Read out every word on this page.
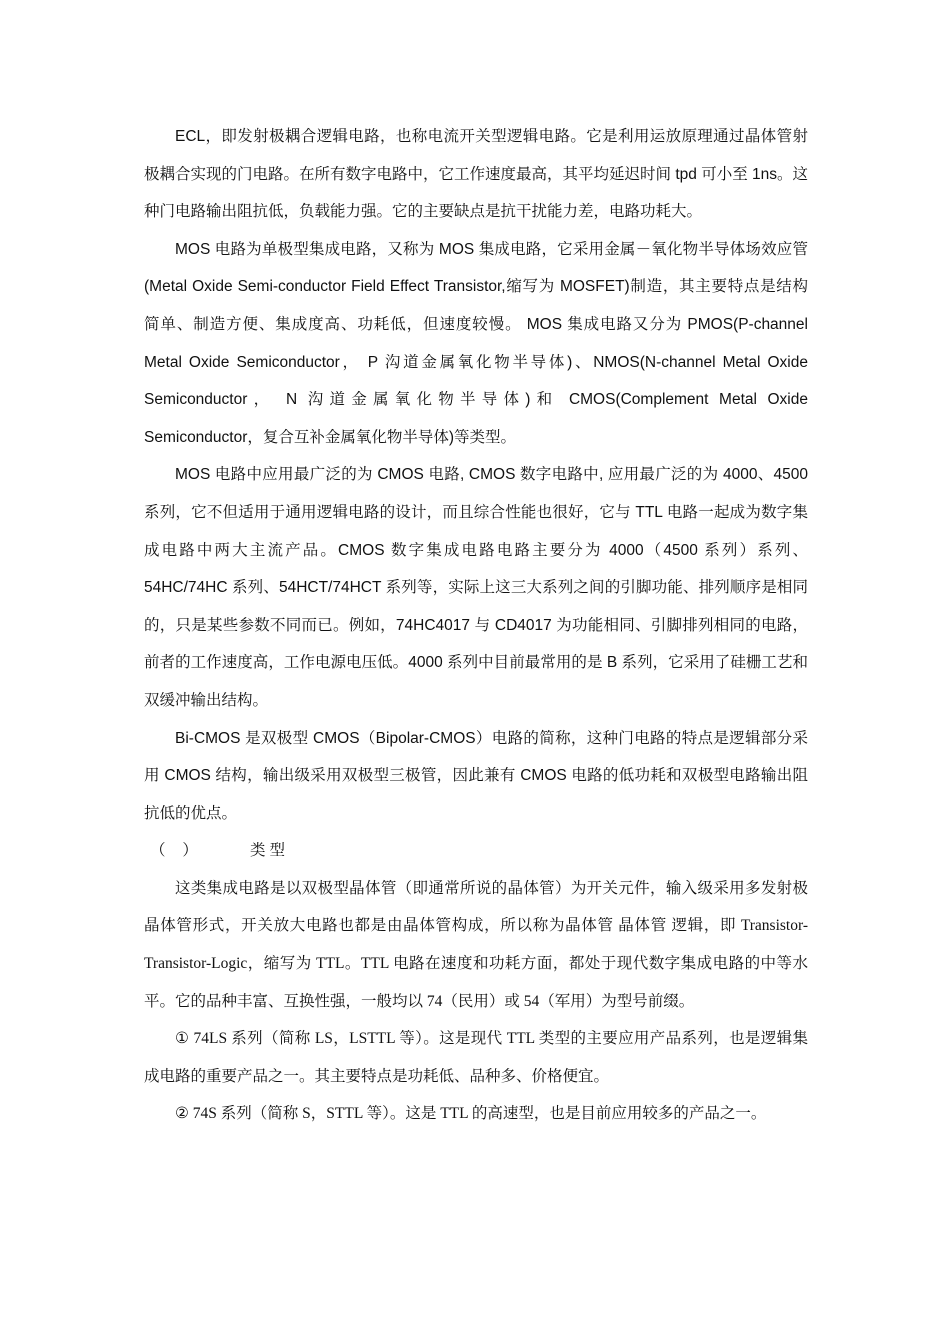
ECL，即发射极耦合逻辑电路，也称电流开关型逻辑电路。它是利用运放原理通过晶体管射极耦合实现的门电路。在所有数字电路中，它工作速度最高，其平均延迟时间 tpd 可小至 1ns。这种门电路输出阻抗低，负载能力强。它的主要缺点是抗干扰能力差，电路功耗大。

MOS 电路为单极型集成电路，又称为 MOS 集成电路，它采用金属－氧化物半导体场效应管(Metal Oxide Semi-conductor Field Effect Transistor,缩写为 MOSFET)制造，其主要特点是结构简单、制造方便、集成度高、功耗低，但速度较慢。 MOS 集成电路又分为 PMOS(P-channel Metal Oxide Semiconductor， P 沟道金属氧化物半导体)、NMOS(N-channel Metal Oxide Semiconductor， N 沟道金属氧化物半导体)和 CMOS(Complement Metal Oxide Semiconductor，复合互补金属氧化物半导体)等类型。

MOS 电路中应用最广泛的为 CMOS 电路, CMOS 数字电路中, 应用最广泛的为 4000、4500 系列，它不但适用于通用逻辑电路的设计，而且综合性能也很好，它与 TTL 电路一起成为数字集成电路中两大主流产品。CMOS 数字集成电路电路主要分为 4000（4500 系列）系列、54HC/74HC 系列、54HCT/74HCT 系列等，实际上这三大系列之间的引脚功能、排列顺序是相同的，只是某些参数不同而已。例如，74HC4017 与 CD4017 为功能相同、引脚排列相同的电路，前者的工作速度高，工作电源电压低。4000 系列中目前最常用的是 B 系列，它采用了硅栅工艺和双缓冲输出结构。

Bi-CMOS 是双极型 CMOS（Bipolar-CMOS）电路的简称，这种门电路的特点是逻辑部分采用 CMOS 结构，输出级采用双极型三极管，因此兼有 CMOS 电路的低功耗和双极型电路输出阻抗低的优点。

（ ）	类型

这类集成电路是以双极型晶体管（即通常所说的晶体管）为开关元件，输入级采用多发射极晶体管形式，开关放大电路也都是由晶体管构成，所以称为晶体管 晶体管 逻辑，即 Transistor-Transistor-Logic，缩写为 TTL。TTL 电路在速度和功耗方面，都处于现代数字集成电路的中等水平。它的品种丰富、互换性强，一般均以 74（民用）或 54（军用）为型号前缀。

① 74LS 系列（简称 LS，LSTTL 等）。这是现代 TTL 类型的主要应用产品系列，也是逻辑集成电路的重要产品之一。其主要特点是功耗低、品种多、价格便宜。

② 74S 系列（简称 S，STTL 等）。这是 TTL 的高速型，也是目前应用较多的产品之一。
